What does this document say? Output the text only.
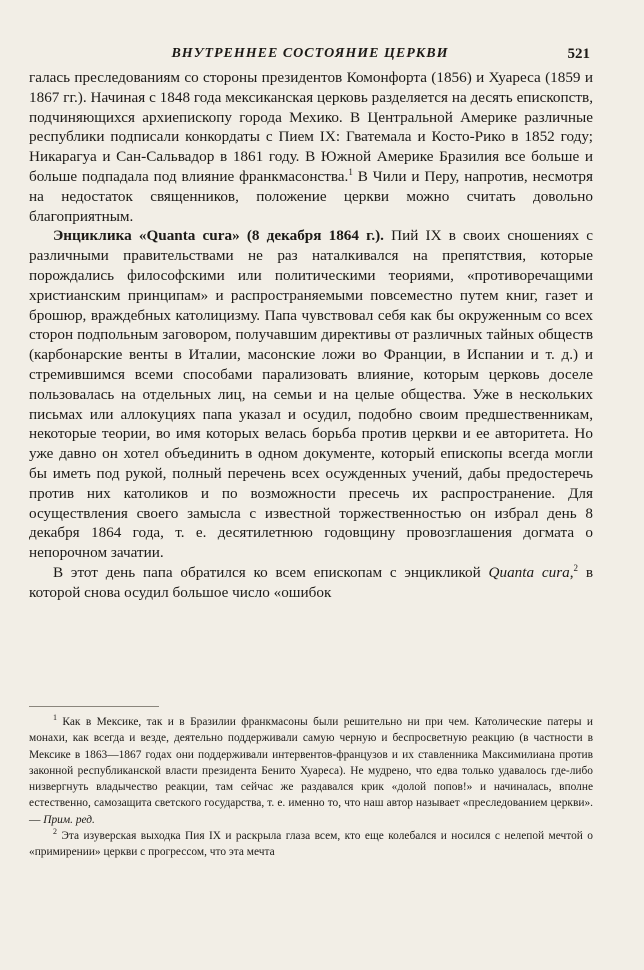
ВНУТРЕННЕЕ СОСТОЯНИЕ ЦЕРКВИ	521

галась преследованиям со стороны президентов Комонфорта (1856) и Хуареса (1859 и 1867 гг.). Начиная с 1848 года мексиканская церковь разделяется на десять епископств, подчиняющихся архиепископу города Мехико. В Центральной Америке различные республики подписали конкордаты с Пием IX: Гватемала и Косто-Рико в 1852 году; Никарагуа и Сан-Сальвадор в 1861 году. В Южной Америке Бразилия все больше и больше подпадала под влияние франкмасонства.$^1$ В Чили и Перу, напротив, несмотря на недостаток священников, положение церкви можно считать довольно благоприятным.

Энциклика «Quanta cura» (8 декабря 1864 г.). Пий IX в своих сношениях с различными правительствами не раз наталкивался на препятствия, которые порождались философскими или политическими теориями, «противоречащими христианским принципам» и распространяемыми повсеместно путем книг, газет и брошюр, враждебных католицизму. Папа чувствовал себя как бы окруженным со всех сторон подпольным заговором, получавшим директивы от различных тайных обществ (карбонарские венты в Италии, масонские ложи во Франции, в Испании и т. д.) и стремившимся всеми способами парализовать влияние, которым церковь доселе пользовалась на отдельных лиц, на семьи и на целые общества. Уже в нескольких письмах или аллокуциях папа указал и осудил, подобно своим предшественникам, некоторые теории, во имя которых велась борьба против церкви и ее авторитета. Но уже давно он хотел объединить в одном документе, который епископы всегда могли бы иметь под рукой, полный перечень всех осужденных учений, дабы предостеречь против них католиков и по возможности пресечь их распространение. Для осуществления своего замысла с известной торжественностью он избрал день 8 декабря 1864 года, т. е. десятилетнюю годовщину провозглашения догмата о непорочном зачатии.

В этот день папа обратился ко всем епископам с энцикликой Quanta cura,$^2$ в которой снова осудил большое число «ошибок

$^1$ Как в Мексике, так и в Бразилии франкмасоны были решительно ни при чем. Католические патеры и монахи, как всегда и везде, деятельно поддерживали самую черную и беспросветную реакцию (в частности в Мексике в 1863—1867 годах они поддерживали интервентов-французов и их ставленника Максимилиана против законной республиканской власти президента Бенито Хуареса). Не мудрено, что едва только удавалось где-либо низвергнуть владычество реакции, там сейчас же раздавался крик «долой попов!» и начиналась, вполне естественно, самозащита светского государства, т. е. именно то, что наш автор называет «преследованием церкви». — Прим. ред.

$^2$ Эта изуверская выходка Пия IX и раскрыла глаза всем, кто еще колебался и носился с нелепой мечтой о «примирении» церкви с прогрессом, что эта мечта
